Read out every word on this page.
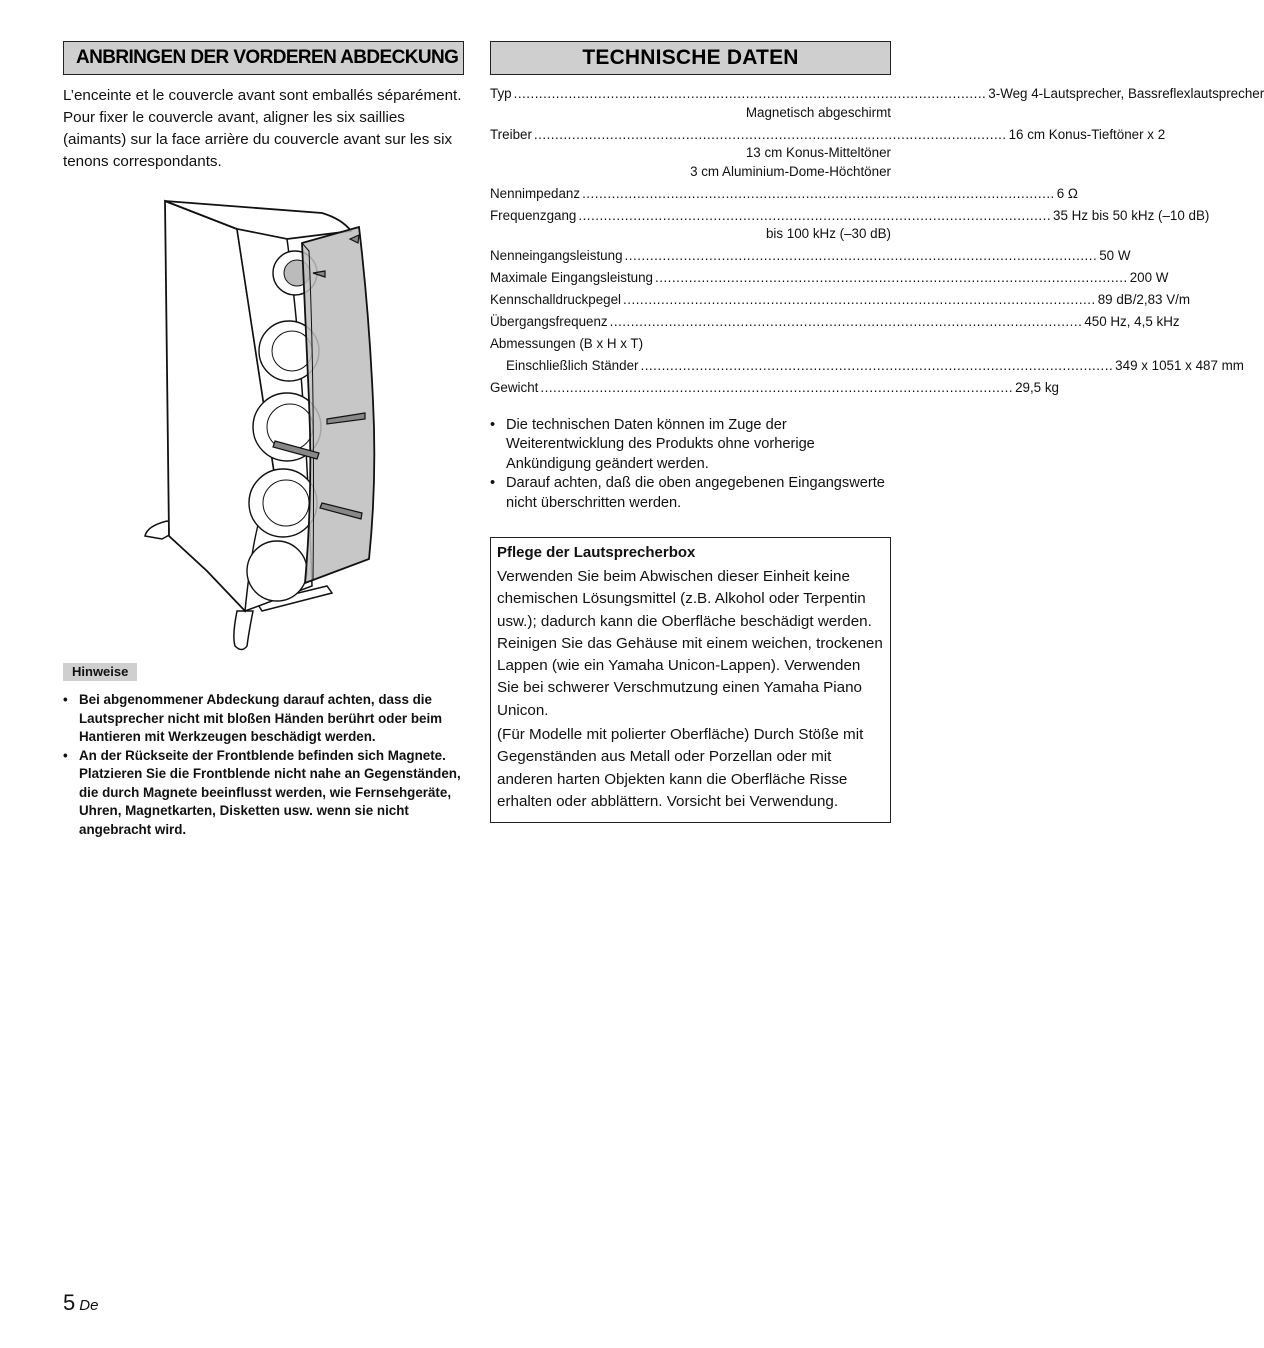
ANBRINGEN DER VORDEREN ABDECKUNG

L’enceinte et le couvercle avant sont emballés séparément. Pour fixer le couvercle avant, aligner les six saillies (aimants) sur la face arrière du couvercle avant sur les six tenons correspondants.

Hinweise
• Bei abgenommener Abdeckung darauf achten, dass die Lautsprecher nicht mit bloßen Händen berührt oder beim Hantieren mit Werkzeugen beschädigt werden.
• An der Rückseite der Frontblende befinden sich Magnete. Platzieren Sie die Frontblende nicht nahe an Gegenständen, die durch Magnete beeinflusst werden, wie Fernsehgeräte, Uhren, Magnetkarten, Disketten usw. wenn sie nicht angebracht wird.
TECHNISCHE DATEN
Typ ................................................................................................................ 3-Weg 4-Lautsprecher, Bassreflexlautsprecher
Magnetisch abgeschirmt
Treiber ................................................................................................................ 16 cm Konus-Tieftöner x 2
13 cm Konus-Mitteltöner
3 cm Aluminium-Dome-Höchtöner
Nennimpedanz ................................................................................................................ 6 Ω
Frequenzgang ................................................................................................................ 35 Hz bis 50 kHz (–10 dB)
bis 100 kHz (–30 dB)
Nenneingangsleistung ................................................................................................................ 50 W
Maximale Eingangsleistung ................................................................................................................ 200 W
Kennschalldruckpegel ................................................................................................................ 89 dB/2,83 V/m
Übergangsfrequenz ................................................................................................................ 450 Hz, 4,5 kHz
Abmessungen (B x H x T)
Einschließlich Ständer ................................................................................................................ 349 x 1051 x 487 mm
Gewicht ................................................................................................................ 29,5 kg
• Die technischen Daten können im Zuge der Weiterentwicklung des Produkts ohne vorherige Ankündigung geändert werden.
• Darauf achten, daß die oben angegebenen Eingangswerte nicht überschritten werden.
Pflege der Lautsprecherbox

Verwenden Sie beim Abwischen dieser Einheit keine chemischen Lösungsmittel (z.B. Alkohol oder Terpentin usw.); dadurch kann die Oberfläche beschädigt werden. Reinigen Sie das Gehäuse mit einem weichen, trockenen Lappen (wie ein Yamaha Unicon-Lappen). Verwenden Sie bei schwerer Verschmutzung einen Yamaha Piano Unicon.

(Für Modelle mit polierter Oberfläche) Durch Stöße mit Gegenständen aus Metall oder Porzellan oder mit anderen harten Objekten kann die Oberfläche Risse erhalten oder abblättern. Vorsicht bei Verwendung.

5 De
